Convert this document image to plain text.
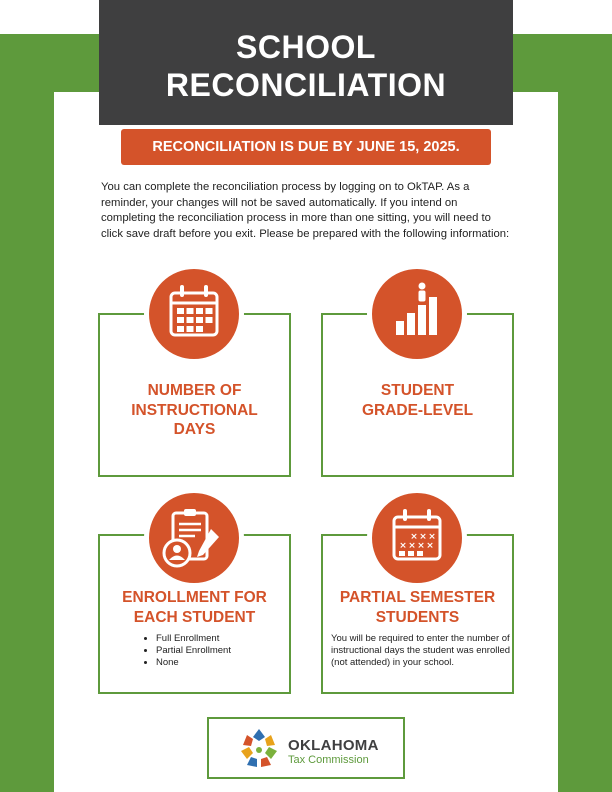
SCHOOL
RECONCILIATION
RECONCILIATION IS DUE BY JUNE 15, 2025.
You can complete the reconciliation process by logging on to OkTAP. As a reminder, your changes will not be saved automatically. If you intend on completing the reconciliation process in more than one sitting, you will need to click save draft before you exit. Please be prepared with the following information:
NUMBER OF
INSTRUCTIONAL
DAYS
STUDENT
GRADE-LEVEL
ENROLLMENT FOR
EACH STUDENT
• Full Enrollment
• Partial Enrollment
• None
PARTIAL SEMESTER
STUDENTS
You will be required to enter the number of instructional days the student was enrolled (not attended) in your school.
× × ×
× × × ×
OKLAHOMA
Tax Commission
